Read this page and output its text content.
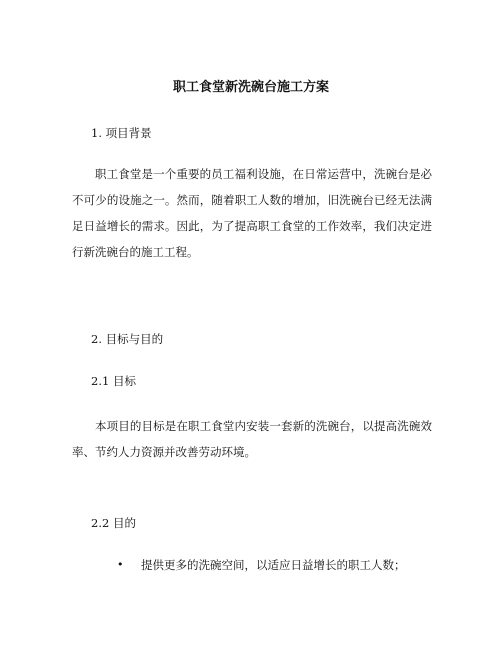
职工食堂新洗碗台施工方案
1. 项目背景
职工食堂是一个重要的员工福利设施，在日常运营中，洗碗台是必不可少的设施之一。然而，随着职工人数的增加，旧洗碗台已经无法满足日益增长的需求。因此，为了提高职工食堂的工作效率，我们决定进行新洗碗台的施工工程。
2. 目标与目的
2.1 目标
本项目的目标是在职工食堂内安装一套新的洗碗台，以提高洗碗效率、节约人力资源并改善劳动环境。
2.2 目的
• 提供更多的洗碗空间，以适应日益增长的职工人数；
